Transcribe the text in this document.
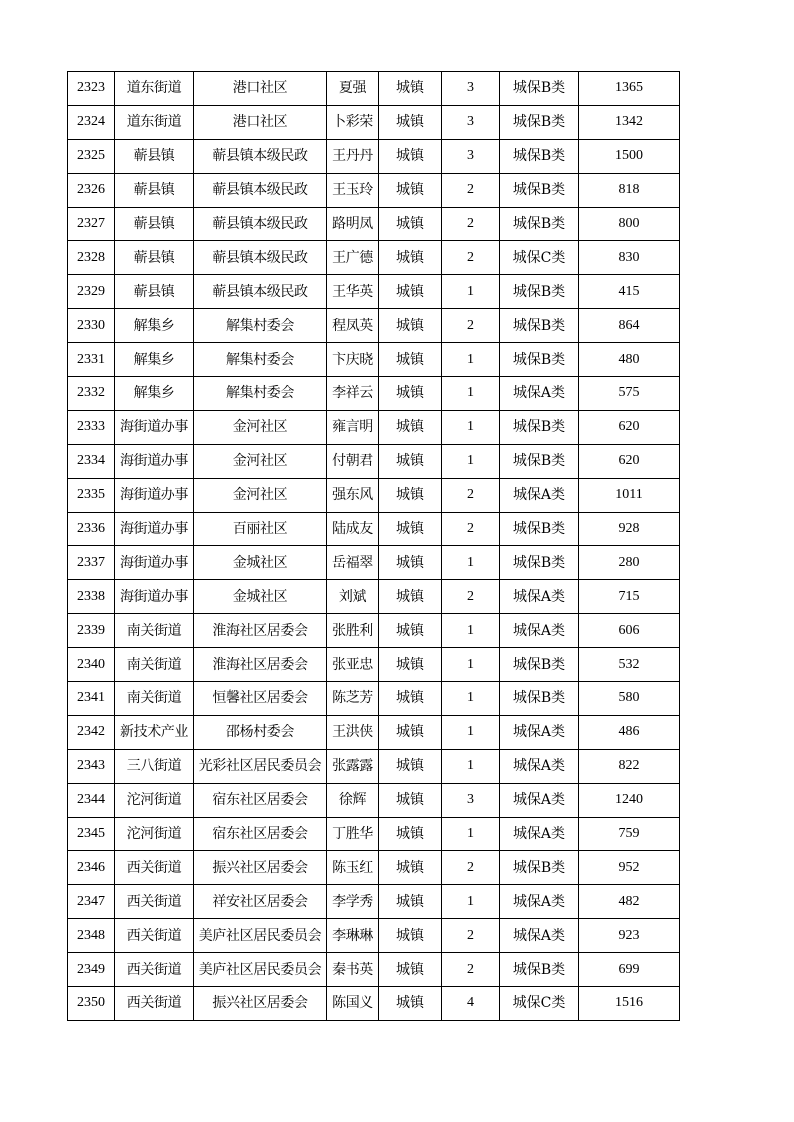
2323	道东街道	港口社区	夏强	城镇	3	城保B类	1365
2324	道东街道	港口社区	卜彩荣	城镇	3	城保B类	1342
2325	蕲县镇	蕲县镇本级民政	王丹丹	城镇	3	城保B类	1500
2326	蕲县镇	蕲县镇本级民政	王玉玲	城镇	2	城保B类	818
2327	蕲县镇	蕲县镇本级民政	路明凤	城镇	2	城保B类	800
2328	蕲县镇	蕲县镇本级民政	王广德	城镇	2	城保C类	830
2329	蕲县镇	蕲县镇本级民政	王华英	城镇	1	城保B类	415
2330	解集乡	解集村委会	程凤英	城镇	2	城保B类	864
2331	解集乡	解集村委会	卞庆晓	城镇	1	城保B类	480
2332	解集乡	解集村委会	李祥云	城镇	1	城保A类	575
2333	海街道办事	金河社区	雍言明	城镇	1	城保B类	620
2334	海街道办事	金河社区	付朝君	城镇	1	城保B类	620
2335	海街道办事	金河社区	强东风	城镇	2	城保A类	1011
2336	海街道办事	百丽社区	陆成友	城镇	2	城保B类	928
2337	海街道办事	金城社区	岳福翠	城镇	1	城保B类	280
2338	海街道办事	金城社区	刘斌	城镇	2	城保A类	715
2339	南关街道	淮海社区居委会	张胜利	城镇	1	城保A类	606
2340	南关街道	淮海社区居委会	张亚忠	城镇	1	城保B类	532
2341	南关街道	恒馨社区居委会	陈芝芳	城镇	1	城保B类	580
2342	新技术产业	邵杨村委会	王洪侠	城镇	1	城保A类	486
2343	三八街道	光彩社区居民委员会	张露露	城镇	1	城保A类	822
2344	沱河街道	宿东社区居委会	徐辉	城镇	3	城保A类	1240
2345	沱河街道	宿东社区居委会	丁胜华	城镇	1	城保A类	759
2346	西关街道	振兴社区居委会	陈玉红	城镇	2	城保B类	952
2347	西关街道	祥安社区居委会	李学秀	城镇	1	城保A类	482
2348	西关街道	美庐社区居民委员会	李琳琳	城镇	2	城保A类	923
2349	西关街道	美庐社区居民委员会	秦书英	城镇	2	城保B类	699
2350	西关街道	振兴社区居委会	陈国义	城镇	4	城保C类	1516
